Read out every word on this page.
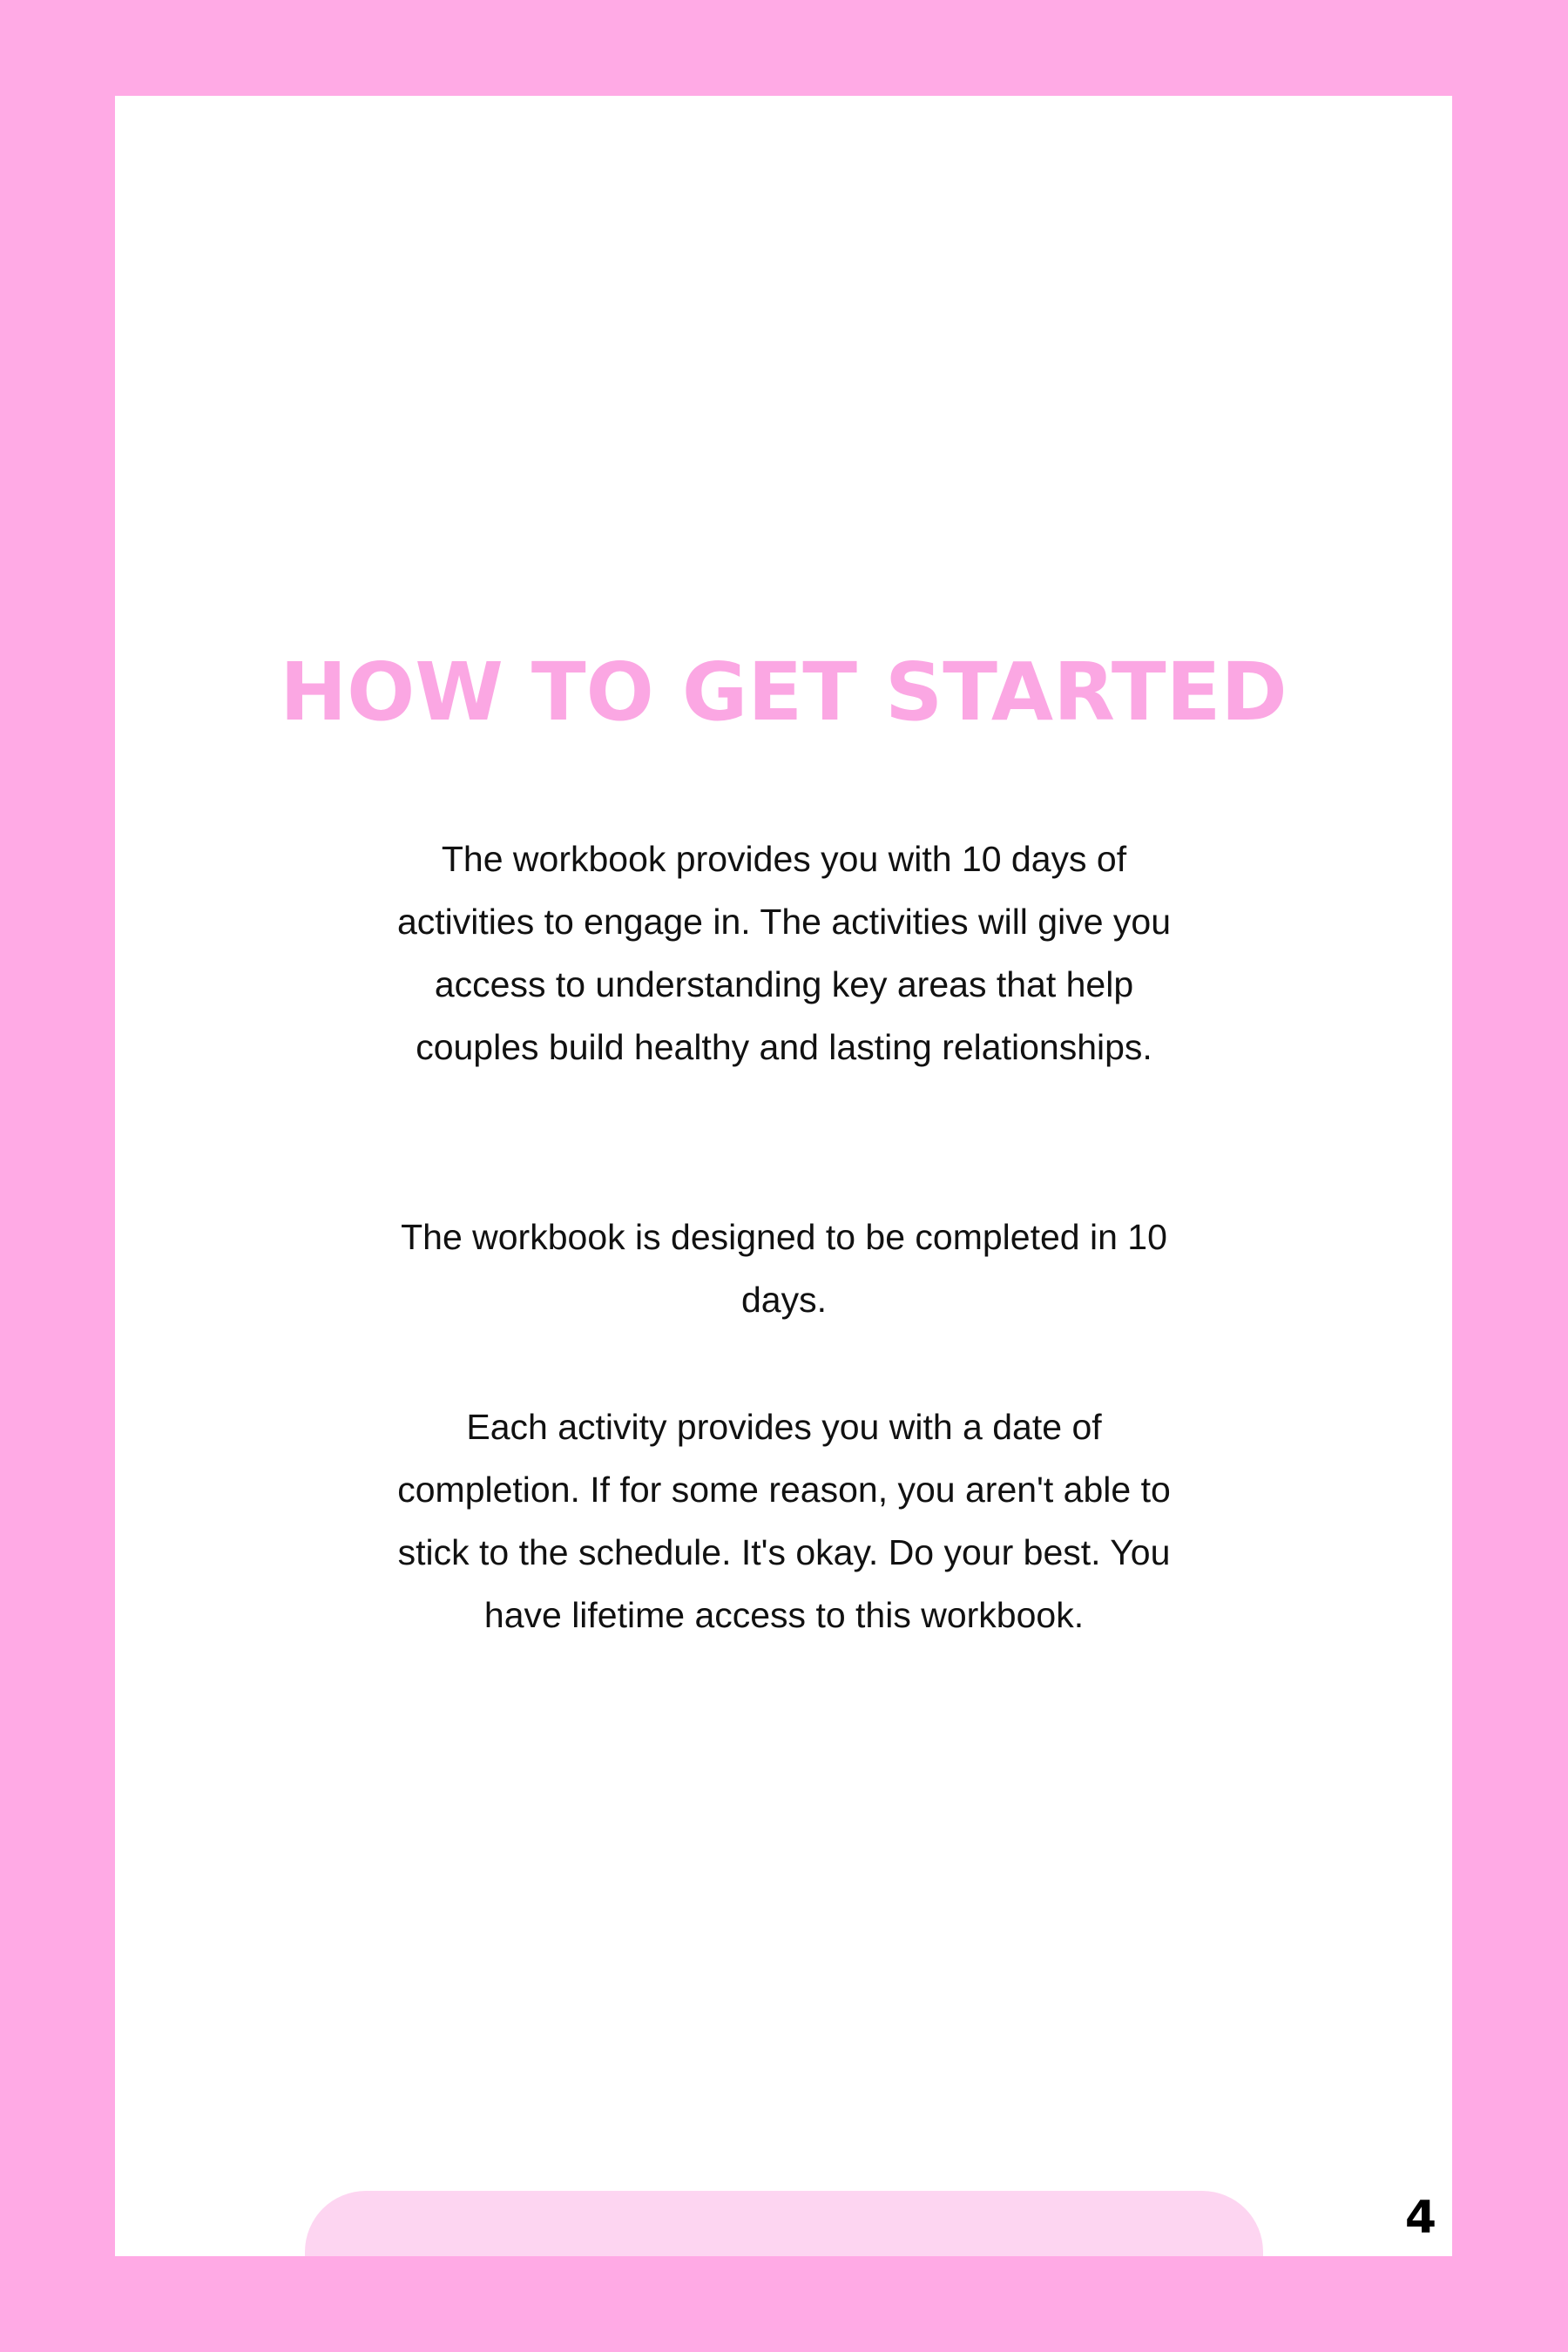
HOW TO GET STARTED

The workbook provides you with 10 days of activities to engage in. The activities will give you access to understanding key areas that help couples build healthy and lasting relationships.

The workbook is designed to be completed in 10 days.

Each activity provides you with a date of completion. If for some reason, you aren't able to stick to the schedule. It's okay. Do your best. You have lifetime access to this workbook.

4
